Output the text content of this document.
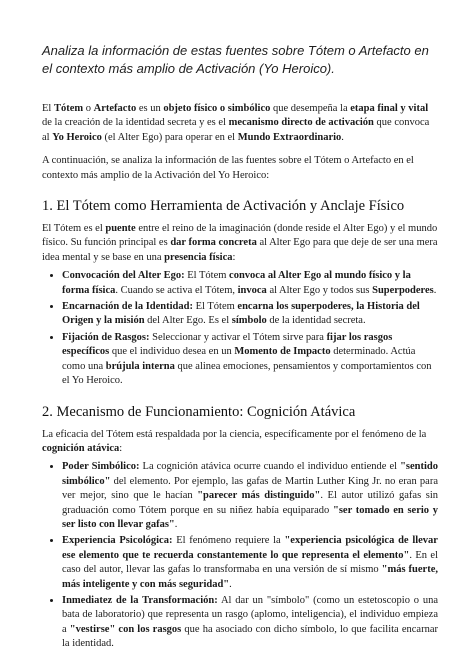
Analiza la información de estas fuentes sobre Tótem o Artefacto en el contexto más amplio de Activación (Yo Heroico).

El Tótem o Artefacto es un objeto físico o simbólico que desempeña la etapa final y vital de la creación de la identidad secreta y es el mecanismo directo de activación que convoca al Yo Heroico (el Alter Ego) para operar en el Mundo Extraordinario.

A continuación, se analiza la información de las fuentes sobre el Tótem o Artefacto en el contexto más amplio de la Activación del Yo Heroico:

1. El Tótem como Herramienta de Activación y Anclaje Físico

El Tótem es el puente entre el reino de la imaginación (donde reside el Alter Ego) y el mundo físico. Su función principal es dar forma concreta al Alter Ego para que deje de ser una mera idea mental y se base en una presencia física:

• Convocación del Alter Ego: El Tótem convoca al Alter Ego al mundo físico y la forma física. Cuando se activa el Tótem, invoca al Alter Ego y todos sus Superpoderes.
• Encarnación de la Identidad: El Tótem encarna los superpoderes, la Historia del Origen y la misión del Alter Ego. Es el símbolo de la identidad secreta.
• Fijación de Rasgos: Seleccionar y activar el Tótem sirve para fijar los rasgos específicos que el individuo desea en un Momento de Impacto determinado. Actúa como una brújula interna que alinea emociones, pensamientos y comportamientos con el Yo Heroico.
2. Mecanismo de Funcionamiento: Cognición Atávica

La eficacia del Tótem está respaldada por la ciencia, específicamente por el fenómeno de la cognición atávica:

• Poder Simbólico: La cognición atávica ocurre cuando el individuo entiende el "sentido simbólico" del elemento. Por ejemplo, las gafas de Martin Luther King Jr. no eran para ver mejor, sino que le hacían "parecer más distinguido". El autor utilizó gafas sin graduación como Tótem porque en su niñez había equiparado "ser tomado en serio y ser listo con llevar gafas".
• Experiencia Psicológica: El fenómeno requiere la "experiencia psicológica de llevar ese elemento que te recuerda constantemente lo que representa el elemento". En el caso del autor, llevar las gafas lo transformaba en una versión de sí mismo "más fuerte, más inteligente y con más seguridad".
• Inmediatez de la Transformación: Al dar un "símbolo" (como un estetoscopio o una bata de laboratorio) que representa un rasgo (aplomo, inteligencia), el individuo empieza a "vestirse" con los rasgos que ha asociado con dicho símbolo, lo que facilita encarnar la identidad.
